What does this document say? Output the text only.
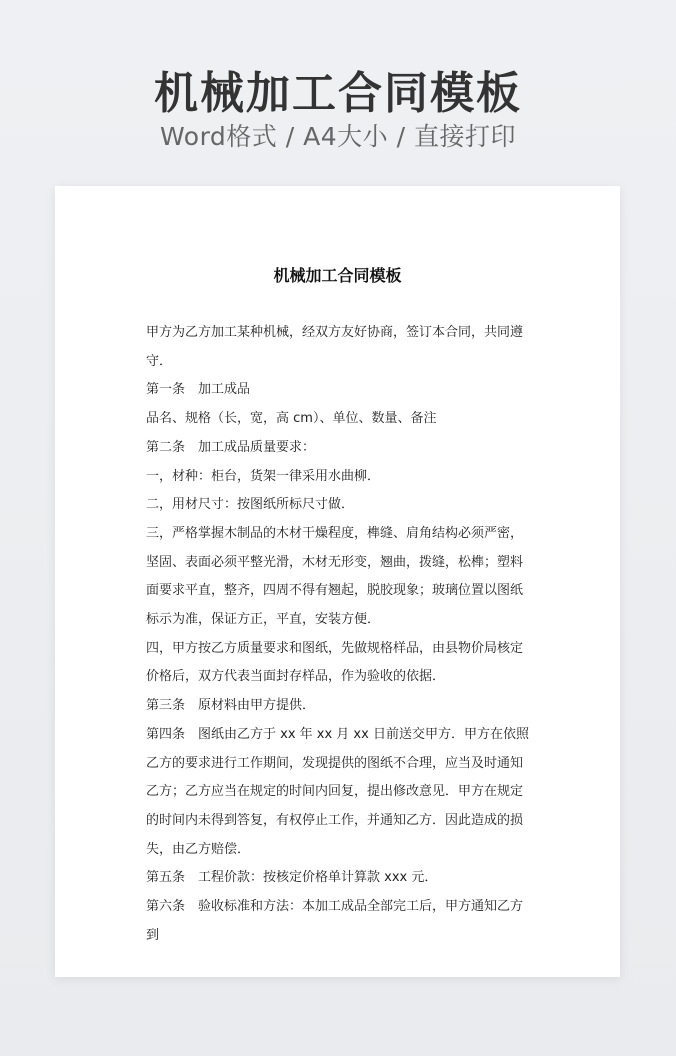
机械加工合同模板
Word格式 / A4大小 / 直接打印
机械加工合同模板

甲方为乙方加工某种机械，经双方友好协商，签订本合同，共同遵守．

第一条　加工成品

品名、规格（长，宽，高 cm）、单位、数量、备注

第二条　加工成品质量要求：

一，材种：柜台，货架一律采用水曲柳．

二，用材尺寸：按图纸所标尺寸做．

三，严格掌握木制品的木材干燥程度，榫缝、肩角结构必须严密，坚固、表面必须平整光滑，木材无形变，翘曲，拨缝，松榫；塑料面要求平直，整齐，四周不得有翘起，脱胶现象；玻璃位置以图纸标示为准，保证方正，平直，安装方便．

四，甲方按乙方质量要求和图纸，先做规格样品，由县物价局核定价格后，双方代表当面封存样品，作为验收的依据．

第三条　原材料由甲方提供．

第四条　图纸由乙方于 xx 年 xx 月 xx 日前送交甲方．甲方在依照乙方的要求进行工作期间，发现提供的图纸不合理，应当及时通知乙方；乙方应当在规定的时间内回复，提出修改意见．甲方在规定的时间内未得到答复，有权停止工作，并通知乙方．因此造成的损失，由乙方赔偿．

第五条　工程价款：按核定价格单计算款 xxx 元．

第六条　验收标准和方法：本加工成品全部完工后，甲方通知乙方到
